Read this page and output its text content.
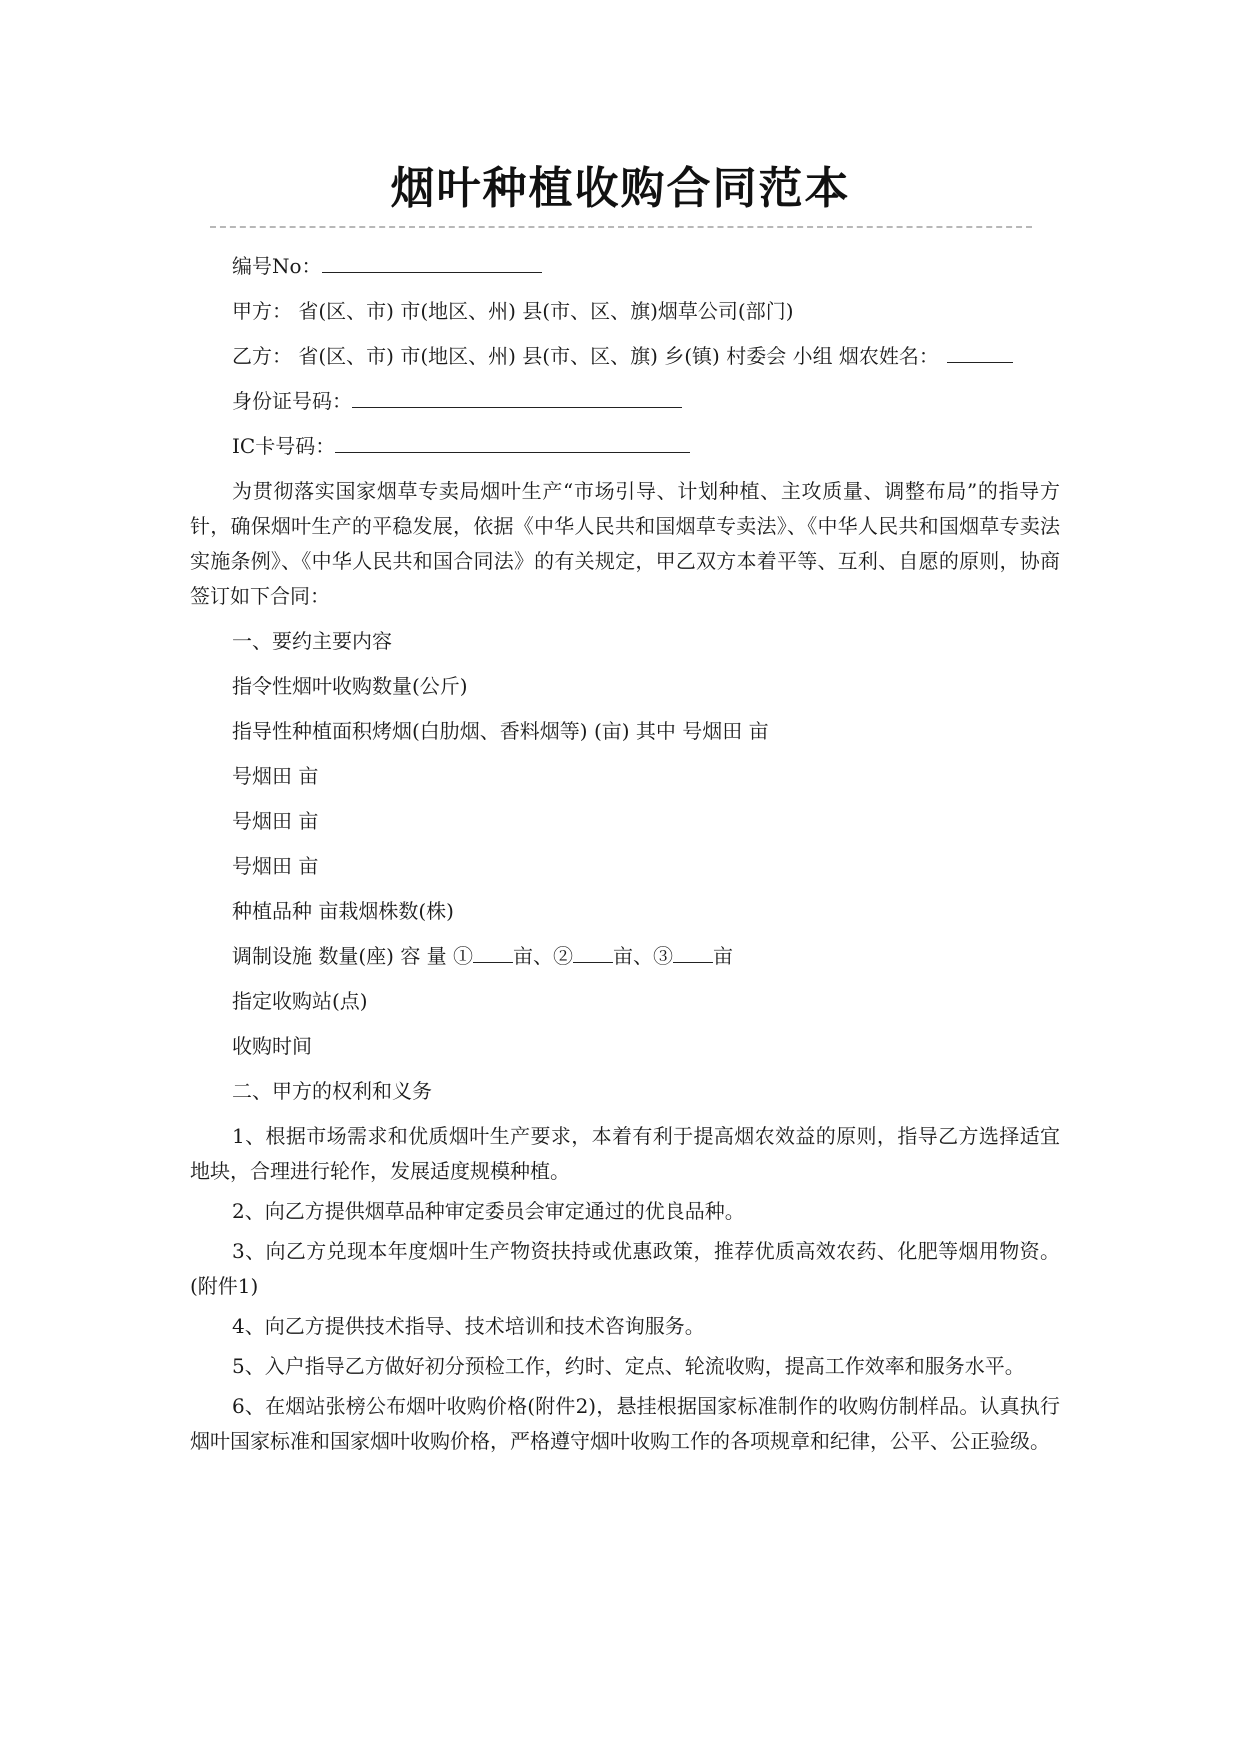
烟叶种植收购合同范本

编号No：

甲方： 省(区、市) 市(地区、州) 县(市、区、旗)烟草公司(部门)

乙方： 省(区、市) 市(地区、州) 县(市、区、旗) 乡(镇) 村委会 小组 烟农姓名：

身份证号码：

IC卡号码：

为贯彻落实国家烟草专卖局烟叶生产“市场引导、计划种植、主攻质量、调整布局”的指导方针，确保烟叶生产的平稳发展，依据《中华人民共和国烟草专卖法》、《中华人民共和国烟草专卖法实施条例》、《中华人民共和国合同法》的有关规定，甲乙双方本着平等、互利、自愿的原则，协商签订如下合同：

一、要约主要内容

指令性烟叶收购数量(公斤)

指导性种植面积烤烟(白肋烟、香料烟等) (亩) 其中 号烟田 亩

号烟田 亩

号烟田 亩

号烟田 亩

种植品种 亩栽烟株数(株)

调制设施 数量(座) 容 量 ① 亩、② 亩、③ 亩

指定收购站(点)

收购时间

二、甲方的权利和义务

1、根据市场需求和优质烟叶生产要求，本着有利于提高烟农效益的原则，指导乙方选择适宜地块，合理进行轮作，发展适度规模种植。

2、向乙方提供烟草品种审定委员会审定通过的优良品种。

3、向乙方兑现本年度烟叶生产物资扶持或优惠政策，推荐优质高效农药、化肥等烟用物资。(附件1)

4、向乙方提供技术指导、技术培训和技术咨询服务。

5、入户指导乙方做好初分预检工作，约时、定点、轮流收购，提高工作效率和服务水平。

6、在烟站张榜公布烟叶收购价格(附件2)，悬挂根据国家标准制作的收购仿制样品。认真执行烟叶国家标准和国家烟叶收购价格，严格遵守烟叶收购工作的各项规章和纪律，公平、公正验级。
